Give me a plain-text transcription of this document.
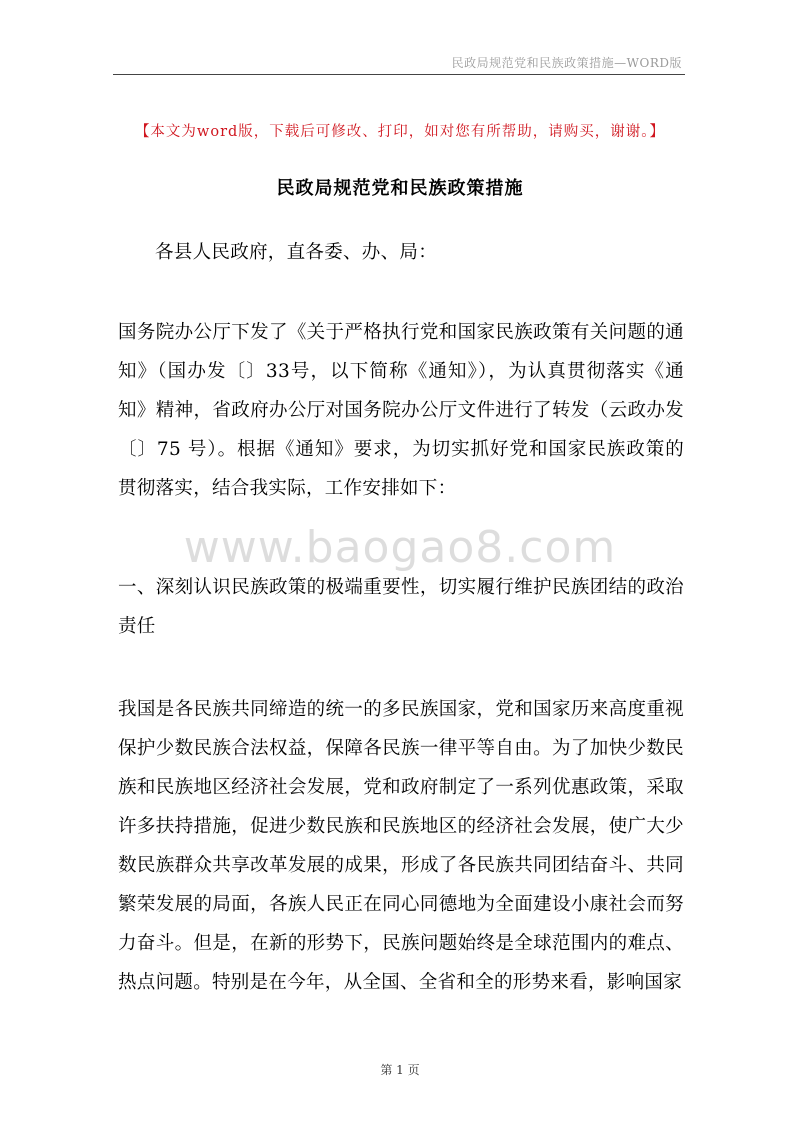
民政局规范党和民族政策措施—WORD版
【本文为word版，下载后可修改、打印，如对您有所帮助，请购买，谢谢。】
民政局规范党和民族政策措施
各县人民政府，直各委、办、局：
国务院办公厅下发了《关于严格执行党和国家民族政策有关问题的通知》（国办发〔〕33号，以下简称《通知》），为认真贯彻落实《通知》精神，省政府办公厅对国务院办公厅文件进行了转发（云政办发〔〕75 号）。根据《通知》要求，为切实抓好党和国家民族政策的贯彻落实，结合我实际，工作安排如下：
www.baogao8.com
一、深刻认识民族政策的极端重要性，切实履行维护民族团结的政治责任
我国是各民族共同缔造的统一的多民族国家，党和国家历来高度重视保护少数民族合法权益，保障各民族一律平等自由。为了加快少数民族和民族地区经济社会发展，党和政府制定了一系列优惠政策，采取许多扶持措施，促进少数民族和民族地区的经济社会发展，使广大少数民族群众共享改革发展的成果，形成了各民族共同团结奋斗、共同繁荣发展的局面，各族人民正在同心同德地为全面建设小康社会而努力奋斗。但是，在新的形势下，民族问题始终是全球范围内的难点、热点问题。特别是在今年，从全国、全省和全的形势来看，影响国家
第 1 页
